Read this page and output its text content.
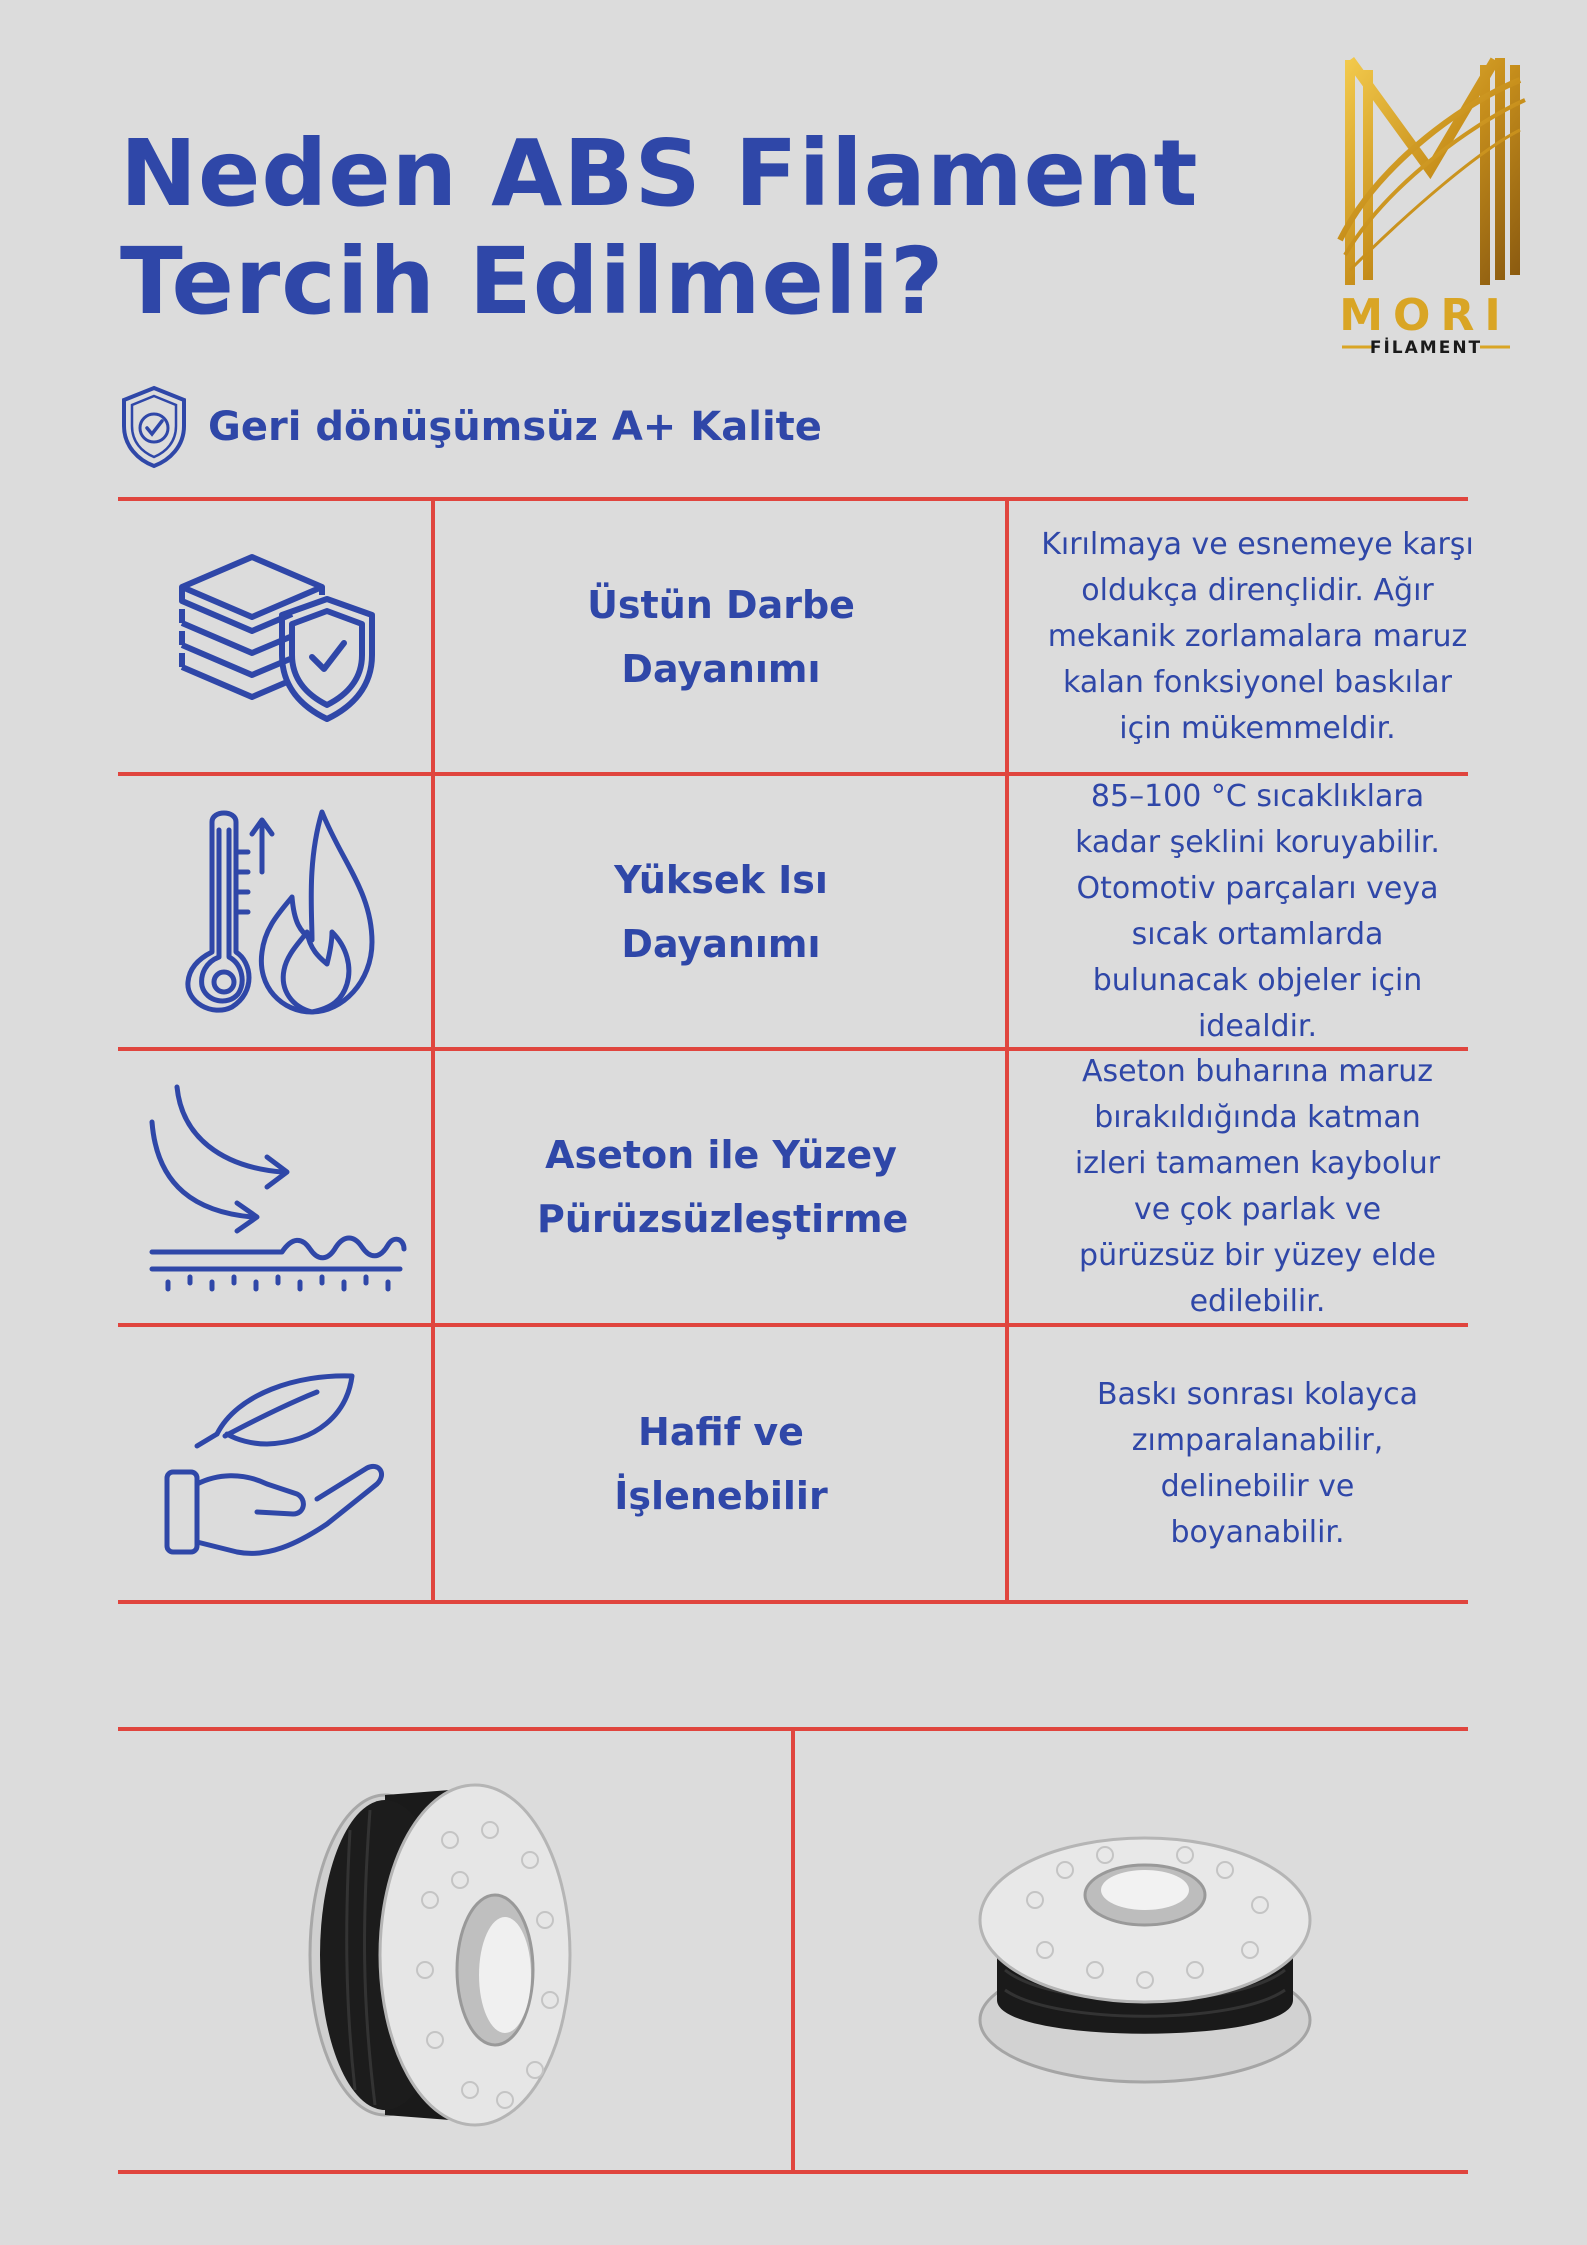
Neden ABS Filament
Tercih Edilmeli?	MORI
FİLAMENT
Geri dönüşümsüz A+ Kalite
Üstün Darbe Dayanımı
Kırılmaya ve esnemeye karşı oldukça dirençlidir. Ağır mekanik zorlamalara maruz kalan fonksiyonel baskılar için mükemmeldir.
Yüksek Isı Dayanımı
85–100 °C sıcaklıklara kadar şeklini koruyabilir. Otomotiv parçaları veya sıcak ortamlarda bulunacak objeler için idealdir.
Aseton ile Yüzey Pürüzsüzleştirme
Aseton buharına maruz bırakıldığında katman izleri tamamen kaybolur ve çok parlak ve pürüzsüz bir yüzey elde edilebilir.
Hafif ve İşlenebilir
Baskı sonrası kolayca zımparalanabilir, delinebilir ve boyanabilir.
